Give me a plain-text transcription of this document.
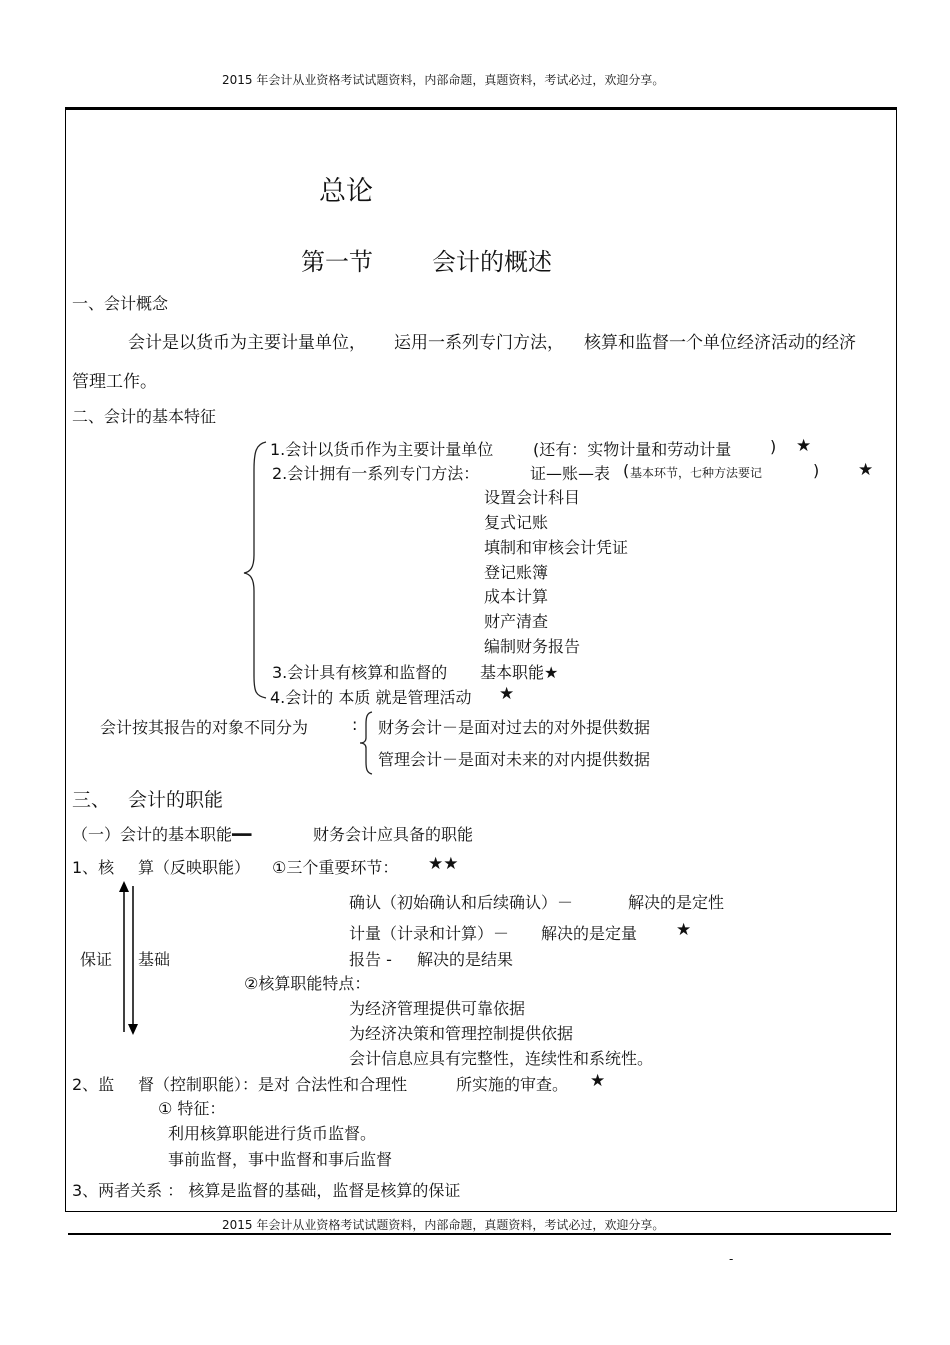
2015 年会计从业资格考试试题资料，内部命题，真题资料，考试必过，欢迎分享。
总论
第一节 会计的概述
一、会计概念
会计是以货币为主要计量单位， 运用一系列专门方法， 核算和监督一个单位经济活动的经济
管理工作。
二、会计的基本特征
1.会计以货币作为主要计量单位 (还有：实物计量和劳动计量 ) ★
2.会计拥有一系列专门方法：	证—账—表 ( 基本环节，七种方法要记	) ★
设置会计科目
复式记账
填制和审核会计凭证
登记账簿
成本计算
财产清查
编制财务报告
3.会计具有核算和监督的 基本职能★
4.会计的 本质 就是管理活动 ★
会计按其报告的对象不同分为	: 财务会计－是面对过去的对外提供数据
管理会计－是面对未来的对内提供数据
三、 会计的职能
（一）会计的基本职能━━	财务会计应具备的职能
1、核 算（反映职能） ①三个重要环节： ★★
保证 基础
确认（初始确认和后续确认）－	解决的是定性
计量（计录和计算）－ 解决的是定量 ★
报告 - 解决的是结果
②核算职能特点：
为经济管理提供可靠依据
为经济决策和管理控制提供依据
会计信息应具有完整性，连续性和系统性。
2、监 督（控制职能）：是对 合法性和合理性	所实施的审查。 ★
① 特征：
利用核算职能进行货币监督。
事前监督，事中监督和事后监督
3、两者关系 ： 核算是监督的基础，监督是核算的保证
2015 年会计从业资格考试试题资料，内部命题，真题资料，考试必过，欢迎分享。
-
